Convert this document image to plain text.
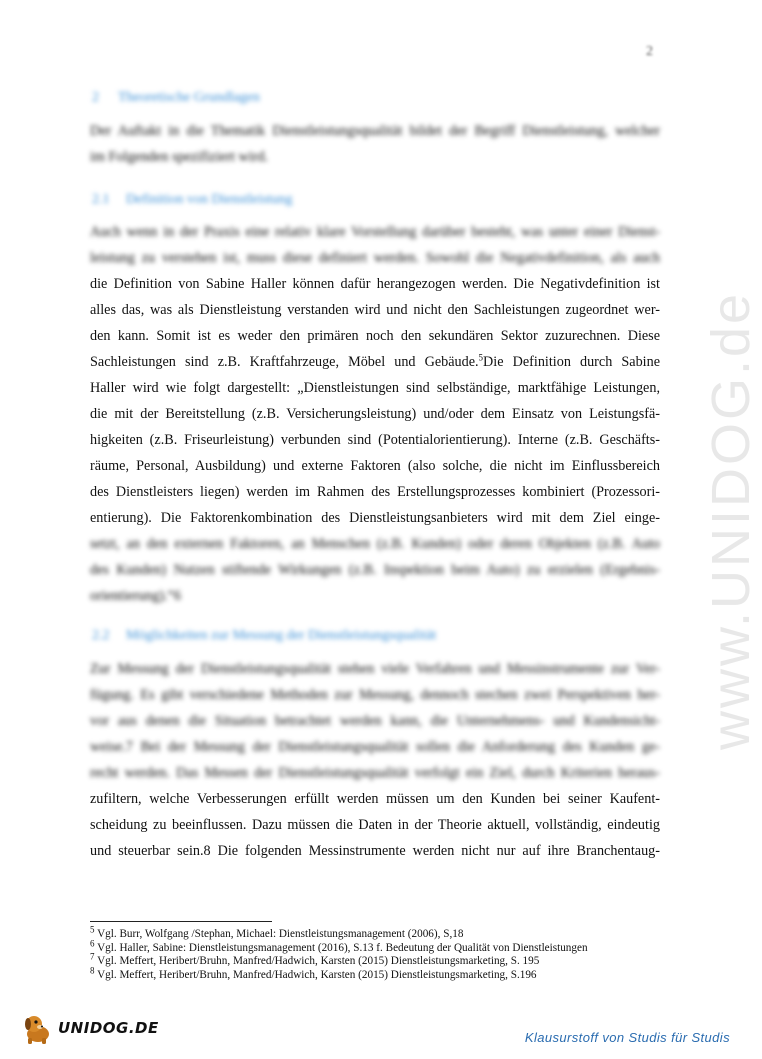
2
www.UNIDOG.de
2 Theoretische Grundlagen
Der Auftakt in die Thematik Dienstleistungsqualität bildet der Begriff Dienstleistung, welcher
im Folgenden spezifiziert wird.
2.1 Definition von Dienstleistung
Auch wenn in der Praxis eine relativ klare Vorstellung darüber besteht, was unter einer Dienst-
leistung zu verstehen ist, muss diese definiert werden. Sowohl die Negativdefinition, als auch
die Definition von Sabine Haller können dafür herangezogen werden. Die Negativdefinition ist
alles das, was als Dienstleistung verstanden wird und nicht den Sachleistungen zugeordnet wer-
den kann. Somit ist es weder den primären noch den sekundären Sektor zuzurechnen. Diese
Sachleistungen sind z.B. Kraftfahrzeuge, Möbel und Gebäude.$^5$Die Definition durch Sabine
Haller wird wie folgt dargestellt: „Dienstleistungen sind selbständige, marktfähige Leistungen,
die mit der Bereitstellung (z.B. Versicherungsleistung) und/oder dem Einsatz von Leistungsfä-
higkeiten (z.B. Friseurleistung) verbunden sind (Potentialorientierung). Interne (z.B. Geschäfts-
räume, Personal, Ausbildung) und externe Faktoren (also solche, die nicht im Einflussbereich
des Dienstleisters liegen) werden im Rahmen des Erstellungsprozesses kombiniert (Prozessori-
entierung). Die Faktorenkombination des Dienstleistungsanbieters wird mit dem Ziel einge-
setzt, an den externen Faktoren, an Menschen (z.B. Kunden) oder deren Objekten (z.B. Auto
des Kunden) Nutzen stiftende Wirkungen (z.B. Inspektion beim Auto) zu erzielen (Ergebnis-
orientierung).“6
2.2 Möglichkeiten zur Messung der Dienstleistungsqualität
Zur Messung der Dienstleistungsqualität stehen viele Verfahren und Messinstrumente zur Ver-
fügung. Es gibt verschiedene Methoden zur Messung, dennoch stechen zwei Perspektiven her-
vor aus denen die Situation betrachtet werden kann, die Unternehmens- und Kundensicht-
weise.7 Bei der Messung der Dienstleistungsqualität sollen die Anforderung des Kunden ge-
recht werden. Das Messen der Dienstleistungsqualität verfolgt ein Ziel, durch Kriterien heraus-
zufiltern, welche Verbesserungen erfüllt werden müssen um den Kunden bei seiner Kaufent-
scheidung zu beeinflussen. Dazu müssen die Daten in der Theorie aktuell, vollständig, eindeutig
und steuerbar sein.8 Die folgenden Messinstrumente werden nicht nur auf ihre Branchentaug-
$^5$ Vgl. Burr, Wolfgang /Stephan, Michael: Dienstleistungsmanagement (2006), S,18
$^6$ Vgl. Haller, Sabine: Dienstleistungsmanagement (2016), S.13 f. Bedeutung der Qualität von Dienstleistungen
$^7$ Vgl. Meffert, Heribert/Bruhn, Manfred/Hadwich, Karsten (2015) Dienstleistungsmarketing, S. 195
$^8$ Vgl. Meffert, Heribert/Bruhn, Manfred/Hadwich, Karsten (2015) Dienstleistungsmarketing, S.196
UNIDOG.DE
Klausurstoff von Studis für Studis
